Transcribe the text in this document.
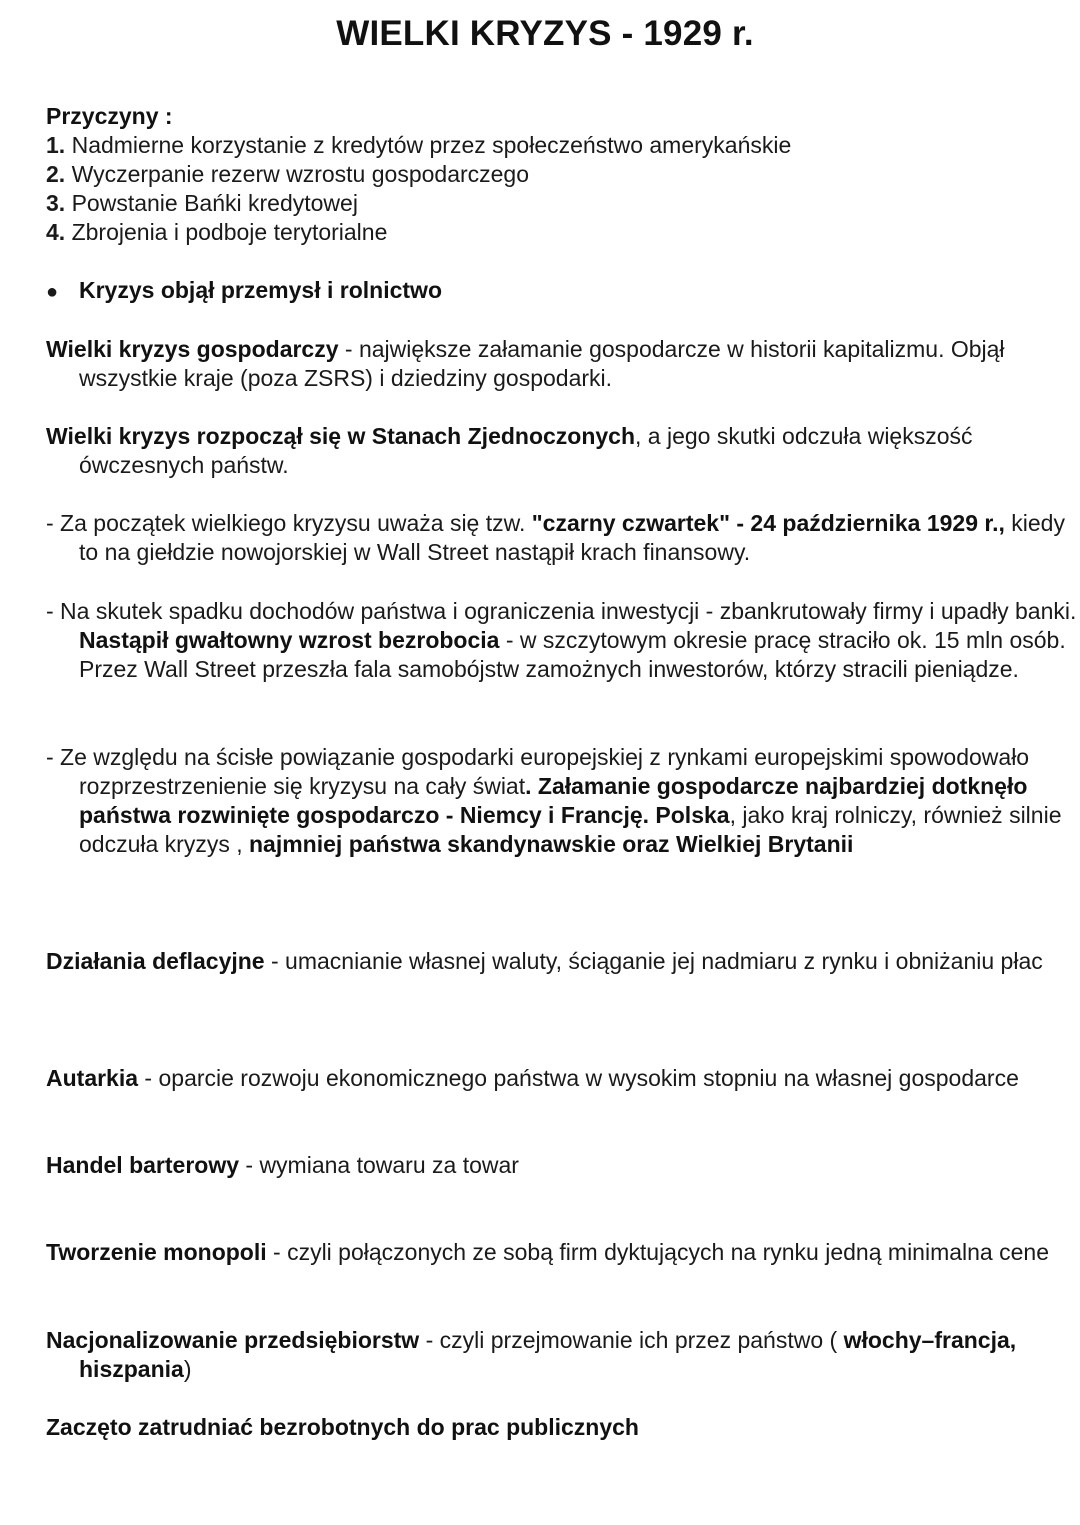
WIELKI KRYZYS - 1929 r.
Przyczyny :
1. Nadmierne korzystanie z kredytów przez społeczeństwo amerykańskie
2. Wyczerpanie rezerw wzrostu gospodarczego
3. Powstanie Bańki kredytowej
4. Zbrojenia i podboje terytorialne
● Kryzys objął przemysł i rolnictwo
Wielki kryzys gospodarczy - największe załamanie gospodarcze w historii kapitalizmu. Objął wszystkie kraje (poza ZSRS) i dziedziny gospodarki.
Wielki kryzys rozpoczął się w Stanach Zjednoczonych, a jego skutki odczuła większość ówczesnych państw.
- Za początek wielkiego kryzysu uważa się tzw. "czarny czwartek" - 24 października 1929 r., kiedy to na giełdzie nowojorskiej w Wall Street nastąpił krach finansowy.
- Na skutek spadku dochodów państwa i ograniczenia inwestycji - zbankrutowały firmy i upadły banki. Nastąpił gwałtowny wzrost bezrobocia - w szczytowym okresie pracę straciło ok. 15 mln osób. Przez Wall Street przeszła fala samobójstw zamożnych inwestorów, którzy stracili pieniądze.
- Ze względu na ścisłe powiązanie gospodarki europejskiej z rynkami europejskimi spowodowało rozprzestrzenienie się kryzysu na cały świat. Załamanie gospodarcze najbardziej dotknęło państwa rozwinięte gospodarczo - Niemcy i Francję. Polska, jako kraj rolniczy, również silnie odczuła kryzys , najmniej państwa skandynawskie oraz Wielkiej Brytanii
Działania deflacyjne - umacnianie własnej waluty, ściąganie jej nadmiaru z rynku i obniżaniu płac
Autarkia - oparcie rozwoju ekonomicznego państwa w wysokim stopniu na własnej gospodarce
Handel barterowy - wymiana towaru za towar
Tworzenie monopoli - czyli połączonych ze sobą firm dyktujących na rynku jedną minimalna cene
Nacjonalizowanie przedsiębiorstw - czyli przejmowanie ich przez państwo ( włochy–francja, hiszpania)
Zaczęto zatrudniać bezrobotnych do prac publicznych
